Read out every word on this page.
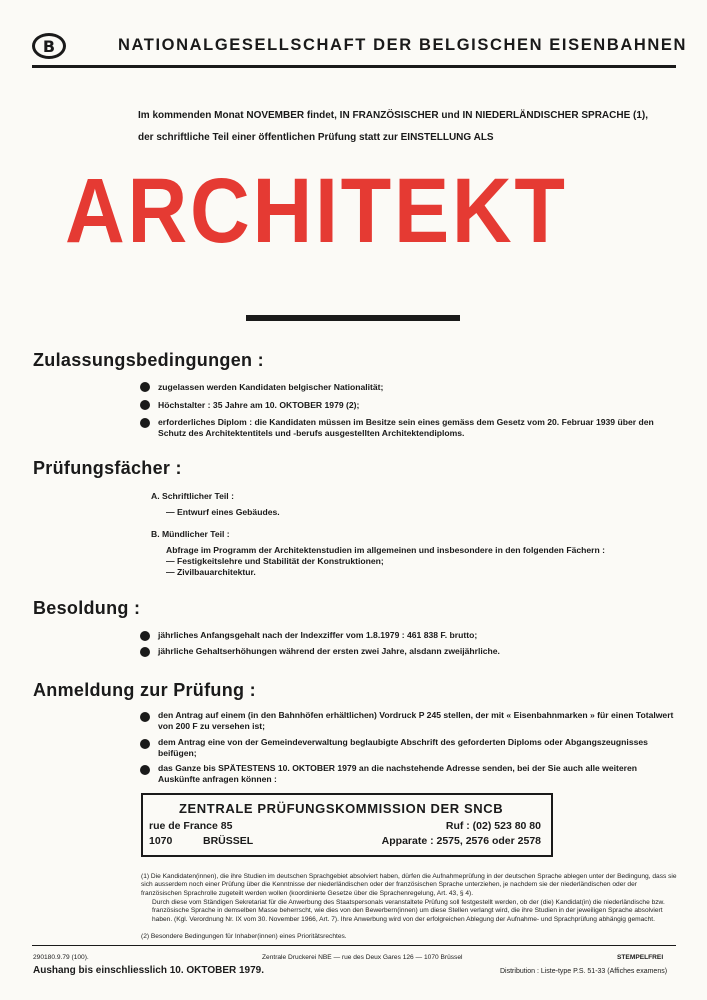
B	NATIONALGESELLSCHAFT DER BELGISCHEN EISENBAHNEN
Im kommenden Monat NOVEMBER findet, IN FRANZÖSISCHER und IN NIEDERLÄNDISCHER SPRACHE (1),
der schriftliche Teil einer öffentlichen Prüfung statt zur EINSTELLUNG ALS
ARCHITEKT
Zulassungsbedingungen :
zugelassen werden Kandidaten belgischer Nationalität;
Höchstalter : 35 Jahre am 10. OKTOBER 1979 (2);
erforderliches Diplom : die Kandidaten müssen im Besitze sein eines gemäss dem Gesetz vom 20. Februar 1939 über den Schutz des Architektentitels und -berufs ausgestellten Architektendiploms.
Prüfungsfächer :
A. Schriftlicher Teil :
— Entwurf eines Gebäudes.
B. Mündlicher Teil :
Abfrage im Programm der Architektenstudien im allgemeinen und insbesondere in den folgenden Fächern :
— Festigkeitslehre und Stabilität der Konstruktionen;
— Zivilbauarchitektur.
Besoldung :
jährliches Anfangsgehalt nach der Indexziffer vom 1.8.1979 : 461 838 F. brutto;
jährliche Gehaltserhöhungen während der ersten zwei Jahre, alsdann zweijährliche.
Anmeldung zur Prüfung :
den Antrag auf einem (in den Bahnhöfen erhältlichen) Vordruck P 245 stellen, der mit « Eisenbahnmarken » für einen Totalwert von 200 F zu versehen ist;
dem Antrag eine von der Gemeindeverwaltung beglaubigte Abschrift des geforderten Diploms oder Abgangszeugnisses beifügen;
das Ganze bis SPÄTESTENS 10. OKTOBER 1979 an die nachstehende Adresse senden, bei der Sie auch alle weiteren Auskünfte anfragen können :
ZENTRALE PRÜFUNGSKOMMISSION DER SNCB
rue de France 85
1070	BRÜSSEL
Ruf : (02) 523 80 80
Apparate : 2575, 2576 oder 2578
(1) Die Kandidaten(innen), die ihre Studien im deutschen Sprachgebiet absolviert haben, dürfen die Aufnahmeprüfung in der deutschen Sprache ablegen unter der Bedingung, dass sie sich ausserdem noch einer Prüfung über die Kenntnisse der niederländischen oder der französischen Sprache unterziehen, je nachdem sie der niederländischen oder der französischen Sprachrolle zugeteilt werden wollen (koordinierte Gesetze über die Sprachenregelung, Art. 43, § 4).
Durch diese vom Ständigen Sekretariat für die Anwerbung des Staatspersonals veranstaltete Prüfung soll festgestellt werden, ob der (die) Kandidat(in) die niederländische bzw. französische Sprache in demselben Masse beherrscht, wie dies von den Bewerbern(innen) um diese Stellen verlangt wird, die ihre Studien in der jeweiligen Sprache absolviert haben. (Kgl. Verordnung Nr. IX vom 30. November 1966, Art. 7). Ihre Anwerbung wird von der erfolgreichen Ablegung der Aufnahme- und Sprachprüfung abhängig gemacht.
(2) Besondere Bedingungen für Inhaber(innen) eines Prioritätsrechtes.
290180.9.79 (100).	Zentrale Druckerei NBE — rue des Deux Gares 126 — 1070 Brüssel	STEMPELFREI
Aushang bis einschliesslich 10. OKTOBER 1979.	Distribution : Liste-type P.S. 51-33 (Affiches examens)
